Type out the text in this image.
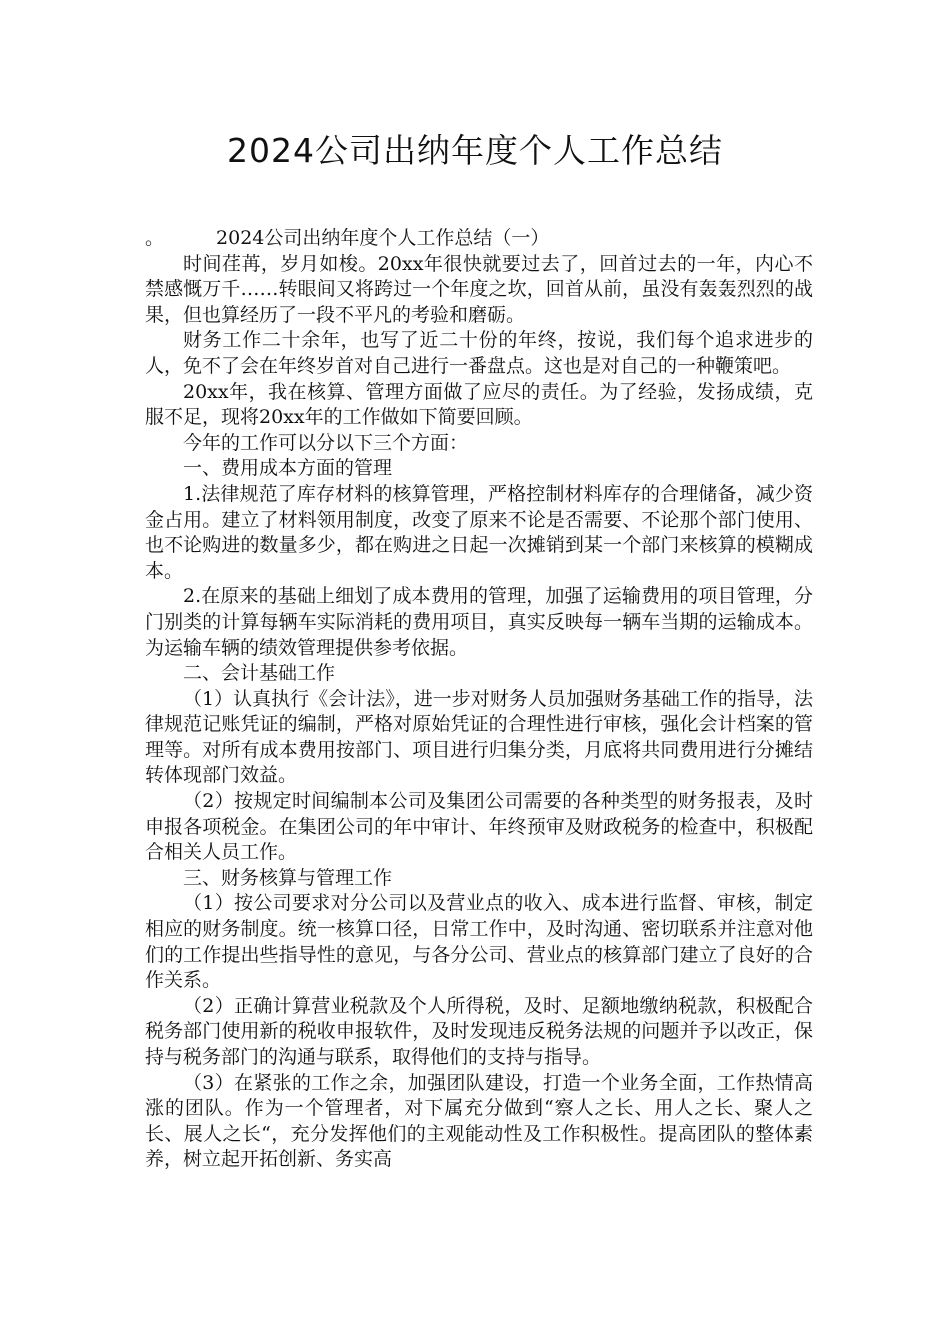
2024公司出纳年度个人工作总结

。	2024公司出纳年度个人工作总结（一）

时间荏苒，岁月如梭。20xx年很快就要过去了，回首过去的一年，内心不禁感慨万千……转眼间又将跨过一个年度之坎，回首从前，虽没有轰轰烈烈的战果，但也算经历了一段不平凡的考验和磨砺。

财务工作二十余年，也写了近二十份的年终，按说，我们每个追求进步的人，免不了会在年终岁首对自己进行一番盘点。这也是对自己的一种鞭策吧。

20xx年，我在核算、管理方面做了应尽的责任。为了经验，发扬成绩，克服不足，现将20xx年的工作做如下简要回顾。

今年的工作可以分以下三个方面：

一、费用成本方面的管理

1.法律规范了库存材料的核算管理，严格控制材料库存的合理储备，减少资金占用。建立了材料领用制度，改变了原来不论是否需要、不论那个部门使用、也不论购进的数量多少，都在购进之日起一次摊销到某一个部门来核算的模糊成本。

2.在原来的基础上细划了成本费用的管理，加强了运输费用的项目管理，分门别类的计算每辆车实际消耗的费用项目，真实反映每一辆车当期的运输成本。为运输车辆的绩效管理提供参考依据。

二、会计基础工作

（1）认真执行《会计法》，进一步对财务人员加强财务基础工作的指导，法律规范记账凭证的编制，严格对原始凭证的合理性进行审核，强化会计档案的管理等。对所有成本费用按部门、项目进行归集分类，月底将共同费用进行分摊结转体现部门效益。

（2）按规定时间编制本公司及集团公司需要的各种类型的财务报表，及时申报各项税金。在集团公司的年中审计、年终预审及财政税务的检查中，积极配合相关人员工作。

三、财务核算与管理工作

（1）按公司要求对分公司以及营业点的收入、成本进行监督、审核，制定相应的财务制度。统一核算口径，日常工作中，及时沟通、密切联系并注意对他们的工作提出些指导性的意见，与各分公司、营业点的核算部门建立了良好的合作关系。

（2）正确计算营业税款及个人所得税，及时、足额地缴纳税款，积极配合税务部门使用新的税收申报软件，及时发现违反税务法规的问题并予以改正，保持与税务部门的沟通与联系，取得他们的支持与指导。

（3）在紧张的工作之余，加强团队建设，打造一个业务全面，工作热情高涨的团队。作为一个管理者，对下属充分做到“察人之长、用人之长、聚人之长、展人之长“，充分发挥他们的主观能动性及工作积极性。提高团队的整体素养，树立起开拓创新、务实高
